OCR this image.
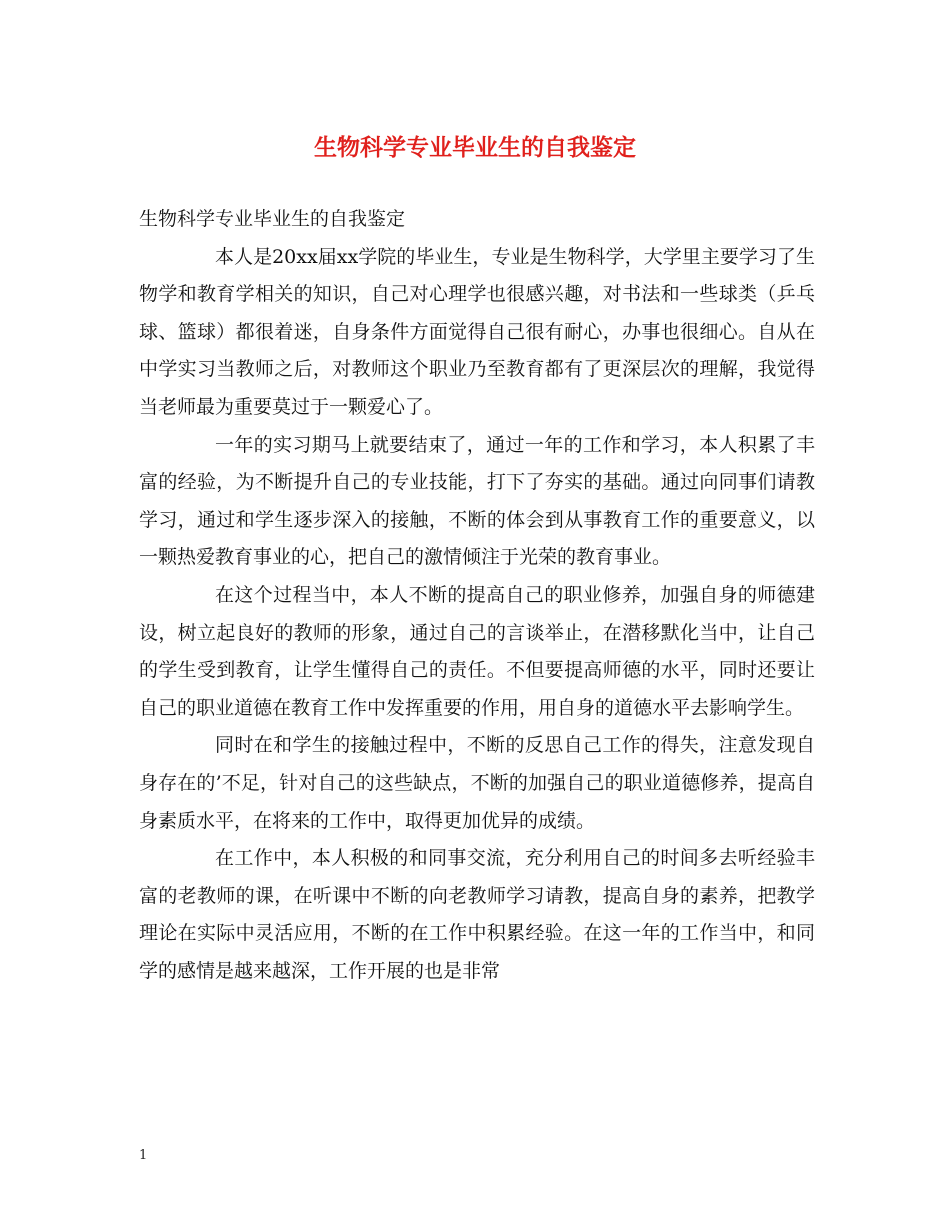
生物科学专业毕业生的自我鉴定

生物科学专业毕业生的自我鉴定

本人是20xx届xx学院的毕业生，专业是生物科学，大学里主要学习了生物学和教育学相关的知识，自己对心理学也很感兴趣，对书法和一些球类（乒乓球、篮球）都很着迷，自身条件方面觉得自己很有耐心，办事也很细心。自从在中学实习当教师之后，对教师这个职业乃至教育都有了更深层次的理解，我觉得当老师最为重要莫过于一颗爱心了。

一年的实习期马上就要结束了，通过一年的工作和学习，本人积累了丰富的经验，为不断提升自己的专业技能，打下了夯实的基础。通过向同事们请教学习，通过和学生逐步深入的接触，不断的体会到从事教育工作的重要意义，以一颗热爱教育事业的心，把自己的激情倾注于光荣的教育事业。

在这个过程当中，本人不断的提高自己的职业修养，加强自身的师德建设，树立起良好的教师的形象，通过自己的言谈举止，在潜移默化当中，让自己的学生受到教育，让学生懂得自己的责任。不但要提高师德的水平，同时还要让自己的职业道德在教育工作中发挥重要的作用，用自身的道德水平去影响学生。

同时在和学生的接触过程中，不断的反思自己工作的得失，注意发现自身存在的’不足，针对自己的这些缺点，不断的加强自己的职业道德修养，提高自身素质水平，在将来的工作中，取得更加优异的成绩。

在工作中，本人积极的和同事交流，充分利用自己的时间多去听经验丰富的老教师的课，在听课中不断的向老教师学习请教，提高自身的素养，把教学理论在实际中灵活应用，不断的在工作中积累经验。在这一年的工作当中，和同学的感情是越来越深，工作开展的也是非常

1
